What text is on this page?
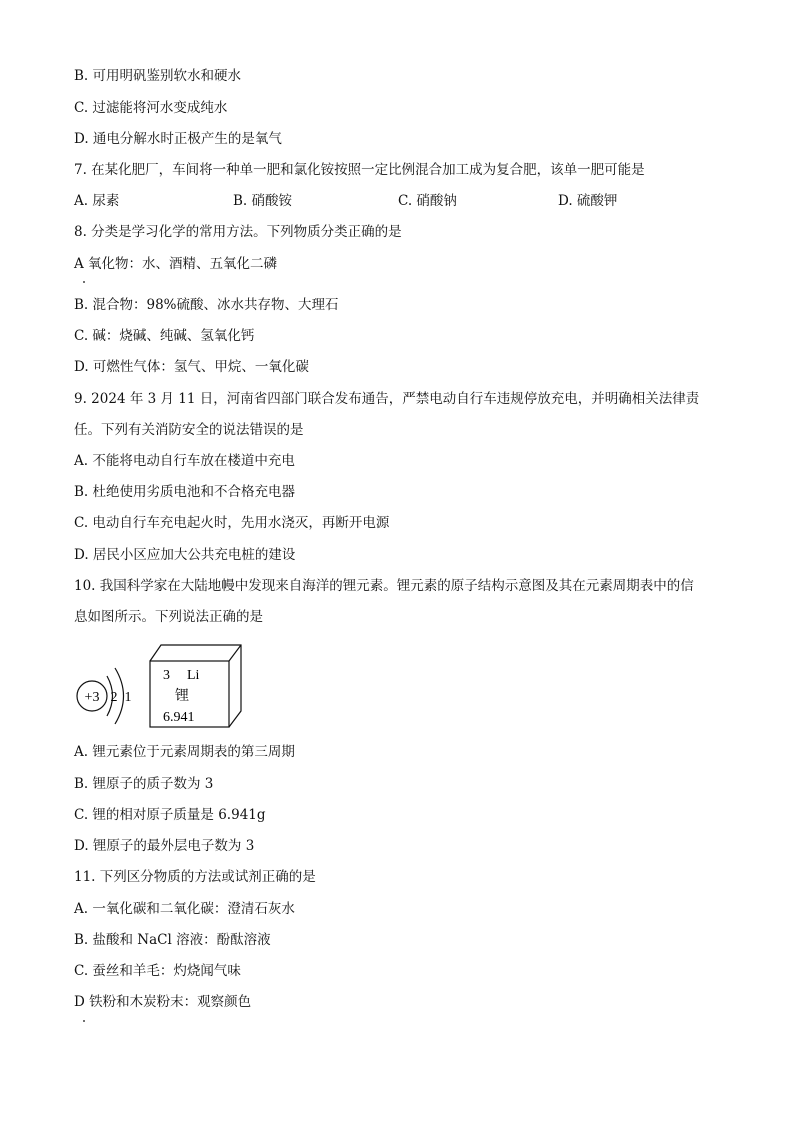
B. 可用明矾鉴别软水和硬水
C. 过滤能将河水变成纯水
D. 通电分解水时正极产生的是氧气
7. 在某化肥厂，车间将一种单一肥和氯化铵按照一定比例混合加工成为复合肥，该单一肥可能是
A. 尿素	B. 硝酸铵	C. 硝酸钠	D. 硫酸钾
8. 分类是学习化学的常用方法。下列物质分类正确的是
A 氧化物：水、酒精、五氧化二磷
B. 混合物：98%硫酸、冰水共存物、大理石
C. 碱：烧碱、纯碱、氢氧化钙
D. 可燃性气体：氢气、甲烷、一氧化碳
9. 2024 年 3 月 11 日，河南省四部门联合发布通告，严禁电动自行车违规停放充电，并明确相关法律责
任。下列有关消防安全的说法错误的是
A. 不能将电动自行车放在楼道中充电
B. 杜绝使用劣质电池和不合格充电器
C. 电动自行车充电起火时，先用水浇灭，再断开电源
D. 居民小区应加大公共充电桩的建设
10. 我国科学家在大陆地幔中发现来自海洋的锂元素。锂元素的原子结构示意图及其在元素周期表中的信
息如图所示。下列说法正确的是
+3 2 1
3 Li
锂
6.941
A. 锂元素位于元素周期表的第三周期
B. 锂原子的质子数为 3
C. 锂的相对原子质量是 6.941g
D. 锂原子的最外层电子数为 3
11. 下列区分物质的方法或试剂正确的是
A. 一氧化碳和二氧化碳：澄清石灰水
B. 盐酸和 NaCl 溶液：酚酞溶液
C. 蚕丝和羊毛：灼烧闻气味
D 铁粉和木炭粉末：观察颜色
